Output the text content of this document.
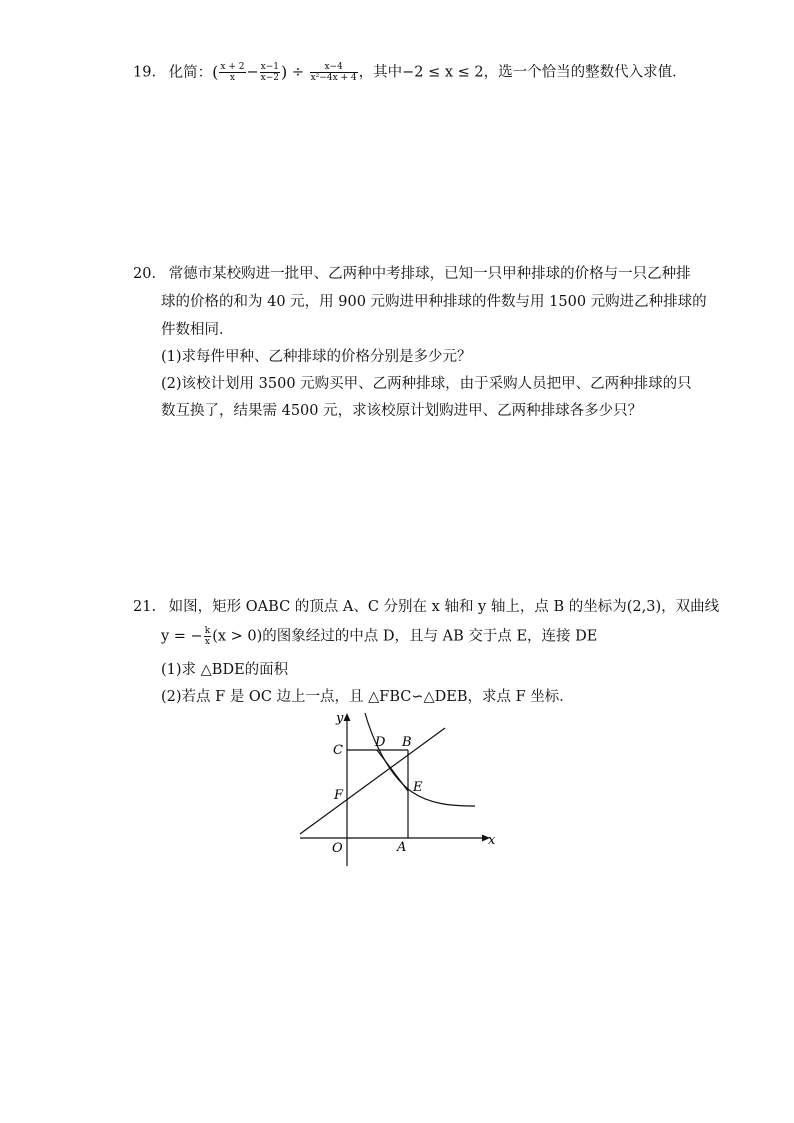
19. 化简：( $\frac{x + 2}{x} - \frac{x-1}{x-2}$ ) ÷ $\frac{x-4}{\text{x²−4x + 4}}$ ，其中−2 ≤ x ≤ 2，选一个恰当的整数代入求值．
20. 常德市某校购进一批甲、乙两种中考排球，已知一只甲种排球的价格与一只乙种排
球的价格的和为 40 元，用 900 元购进甲种排球的件数与用 1500 元购进乙种排球的
件数相同．
(1)求每件甲种、乙种排球的价格分别是多少元？
(2)该校计划用 3500 元购买甲、乙两种排球，由于采购人员把甲、乙两种排球的只
数互换了，结果需 4500 元，求该校原计划购进甲、乙两种排球各多少只？
21. 如图，矩形 OABC 的顶点 A、C 分别在 x 轴和 y 轴上，点 B 的坐标为(2,3)，双曲线
y = − $\frac{k}{x} (x > 0)$的图象经过的中点 D，且与 AB 交于点 E，连接 DE
(1)求 △BDE的面积
(2)若点 F 是 OC 边上一点，且 △FBC∽△DEB，求点 F 坐标．
x
y
O	A
B
C
D
E
F
